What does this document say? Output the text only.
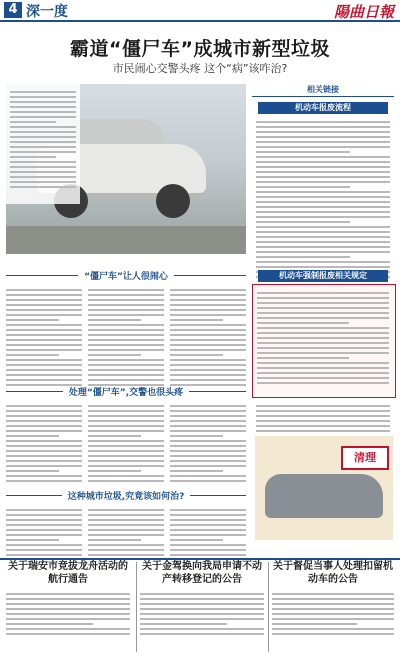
4 深一度	陽曲日報
霸道“僵尸车”成城市新型垃圾
市民闹心交警头疼 这个“病”该咋治?
“僵尸车”让人很闹心
处理“僵尸车”,交警也很头疼
这种城市垃圾,究竟该如何治?
相关链接
机动车报废流程
机动车强制报废相关规定
清理
关于瑞安市竞拔龙舟活动的航行通告
关于金驾换向我局申请不动产转移登记的公告
关于督促当事人处理扣留机动车的公告
